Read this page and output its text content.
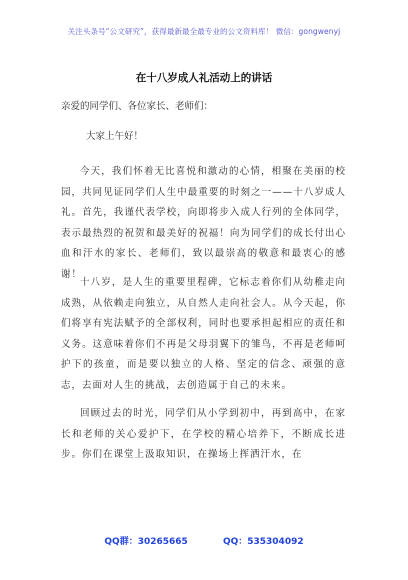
关注头条号“公文研究”，获得最新最全最专业的公文资料库！ 微信：gongwenyj
在十八岁成人礼活动上的讲话
亲爱的同学们、各位家长、老师们：
大家上午好！
今天，我们怀着无比喜悦和激动的心情，相聚在美丽的校园，共同见证同学们人生中最重要的时刻之一——十八岁成人礼。首先，我谨代表学校，向即将步入成人行列的全体同学，表示最热烈的祝贺和最美好的祝福！向为同学们的成长付出心血和汗水的家长、老师们，致以最崇高的敬意和最衷心的感谢！
十八岁，是人生的重要里程碑，它标志着你们从幼稚走向成熟，从依赖走向独立，从自然人走向社会人。从今天起，你们将享有宪法赋予的全部权利，同时也要承担起相应的责任和义务。这意味着你们不再是父母羽翼下的雏鸟，不再是老师呵护下的孩童，而是要以独立的人格、坚定的信念、顽强的意志，去面对人生的挑战，去创造属于自己的未来。
回顾过去的时光，同学们从小学到初中，再到高中，在家长和老师的关心爱护下，在学校的精心培养下，不断成长进步。你们在课堂上汲取知识，在操场上挥洒汗水，在
QQ群：30265665	QQ：535304092
